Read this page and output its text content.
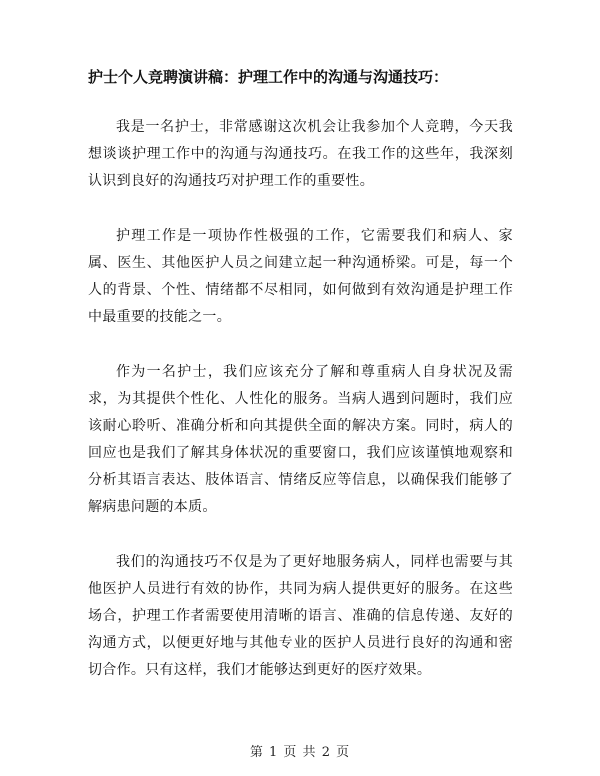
护士个人竞聘演讲稿：护理工作中的沟通与沟通技巧：

我是一名护士，非常感谢这次机会让我参加个人竞聘，今天我想谈谈护理工作中的沟通与沟通技巧。在我工作的这些年，我深刻认识到良好的沟通技巧对护理工作的重要性。

护理工作是一项协作性极强的工作，它需要我们和病人、家属、医生、其他医护人员之间建立起一种沟通桥梁。可是，每一个人的背景、个性、情绪都不尽相同，如何做到有效沟通是护理工作中最重要的技能之一。

作为一名护士，我们应该充分了解和尊重病人自身状况及需求，为其提供个性化、人性化的服务。当病人遇到问题时，我们应该耐心聆听、准确分析和向其提供全面的解决方案。同时，病人的回应也是我们了解其身体状况的重要窗口，我们应该谨慎地观察和分析其语言表达、肢体语言、情绪反应等信息，以确保我们能够了解病患问题的本质。

我们的沟通技巧不仅是为了更好地服务病人，同样也需要与其他医护人员进行有效的协作，共同为病人提供更好的服务。在这些场合，护理工作者需要使用清晰的语言、准确的信息传递、友好的沟通方式，以便更好地与其他专业的医护人员进行良好的沟通和密切合作。只有这样，我们才能够达到更好的医疗效果。

第 1 页 共 2 页
